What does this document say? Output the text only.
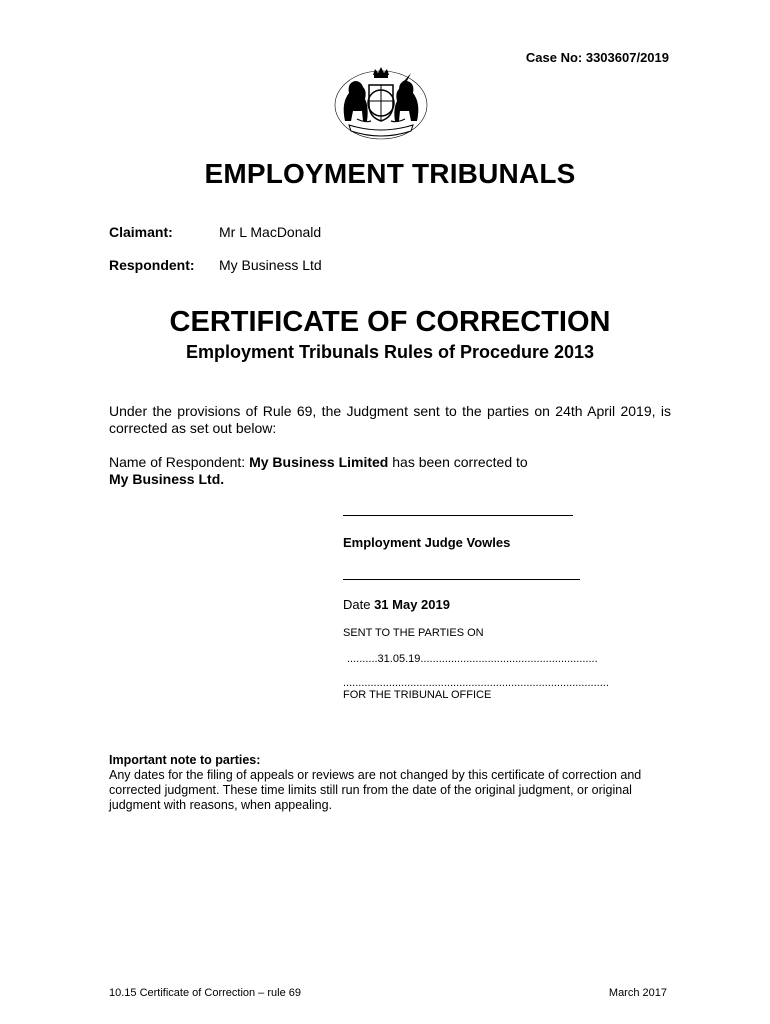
Case No: 3303607/2019
EMPLOYMENT TRIBUNALS
Claimant:	Mr L MacDonald
Respondent: My Business Ltd
CERTIFICATE OF CORRECTION
Employment Tribunals Rules of Procedure 2013
Under the provisions of Rule 69, the Judgment sent to the parties on 24th April 2019, is corrected as set out below:
Name of Respondent: My Business Limited has been corrected to
My Business Ltd.
Employment Judge Vowles
Date 31 May 2019
SENT TO THE PARTIES ON
..........31.05.19..........................................................
.......................................................................................
FOR THE TRIBUNAL OFFICE
Important note to parties:
Any dates for the filing of appeals or reviews are not changed by this certificate of correction and corrected judgment. These time limits still run from the date of the original judgment, or original judgment with reasons, when appealing.
10.15 Certificate of Correction – rule 69	March 2017
